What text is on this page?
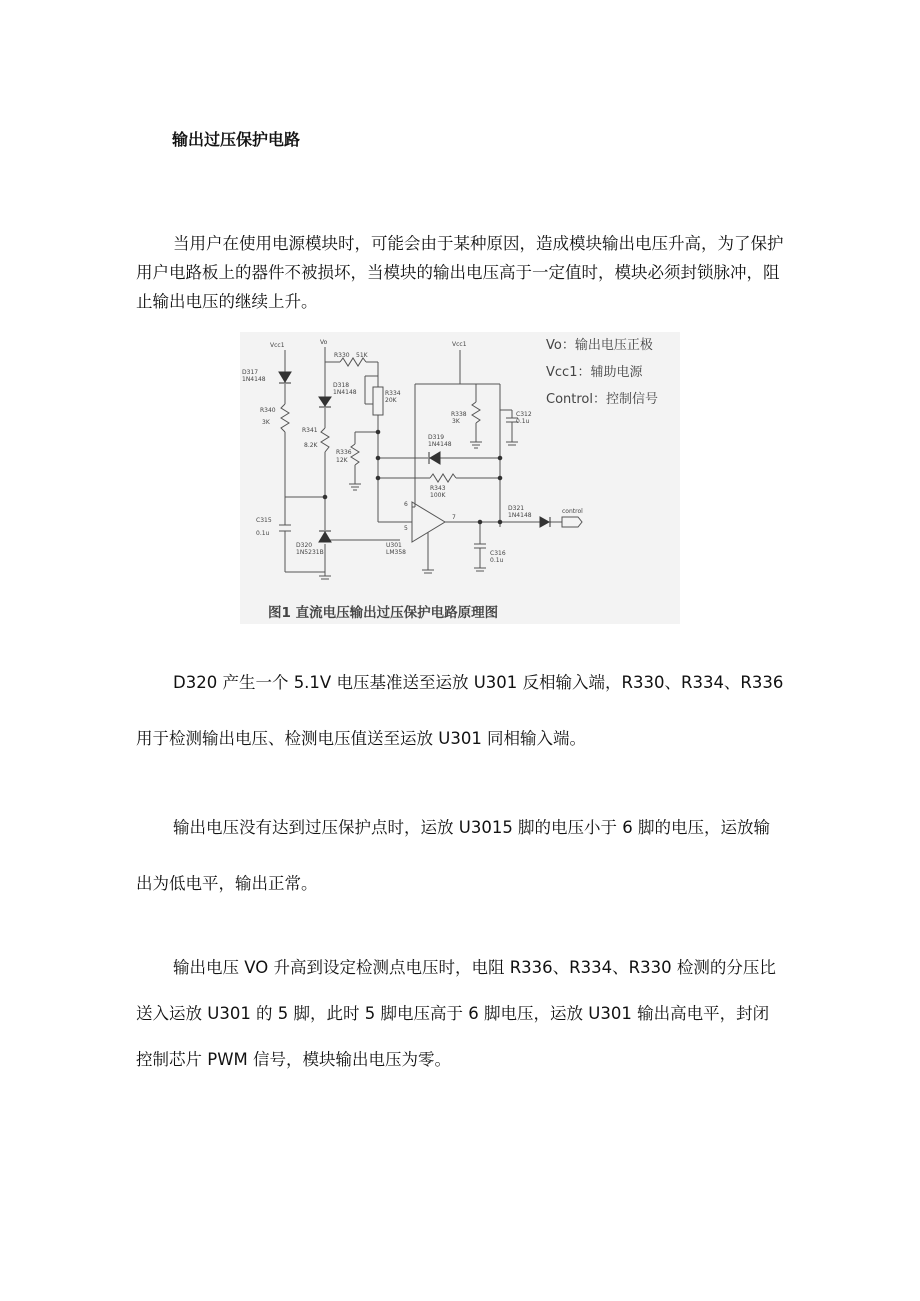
输出过压保护电路

当用户在使用电源模块时，可能会由于某种原因，造成模块输出电压升高，为了保护用户电路板上的器件不被损坏，当模块的输出电压高于一定值时，模块必须封锁脉冲，阻止输出电压的继续上升。

Vcc1	Vo	Vcc1
D317
1N4148
R340
3K
R330 51K
D318
1N4148	R334
20K
R341
8.2K
R336
12K
R338
3K
C312
0.1u
D319
1N4148
R343
100K
C315
0.1u
D320
1N5231B
6
5
7
U301
LM358
D321
1N4148
C316
0.1u
control
Vo：输出电压正极
Vcc1：辅助电源
Control：控制信号
图1 直流电压输出过压保护电路原理图

D320 产生一个 5.1V 电压基准送至运放 U301 反相输入端，R330、R334、R336 用于检测输出电压、检测电压值送至运放 U301 同相输入端。

输出电压没有达到过压保护点时，运放 U3015 脚的电压小于 6 脚的电压，运放输出为低电平，输出正常。

输出电压 VO 升高到设定检测点电压时，电阻 R336、R334、R330 检测的分压比送入运放 U301 的 5 脚，此时 5 脚电压高于 6 脚电压，运放 U301 输出高电平，封闭控制芯片 PWM 信号，模块输出电压为零。
